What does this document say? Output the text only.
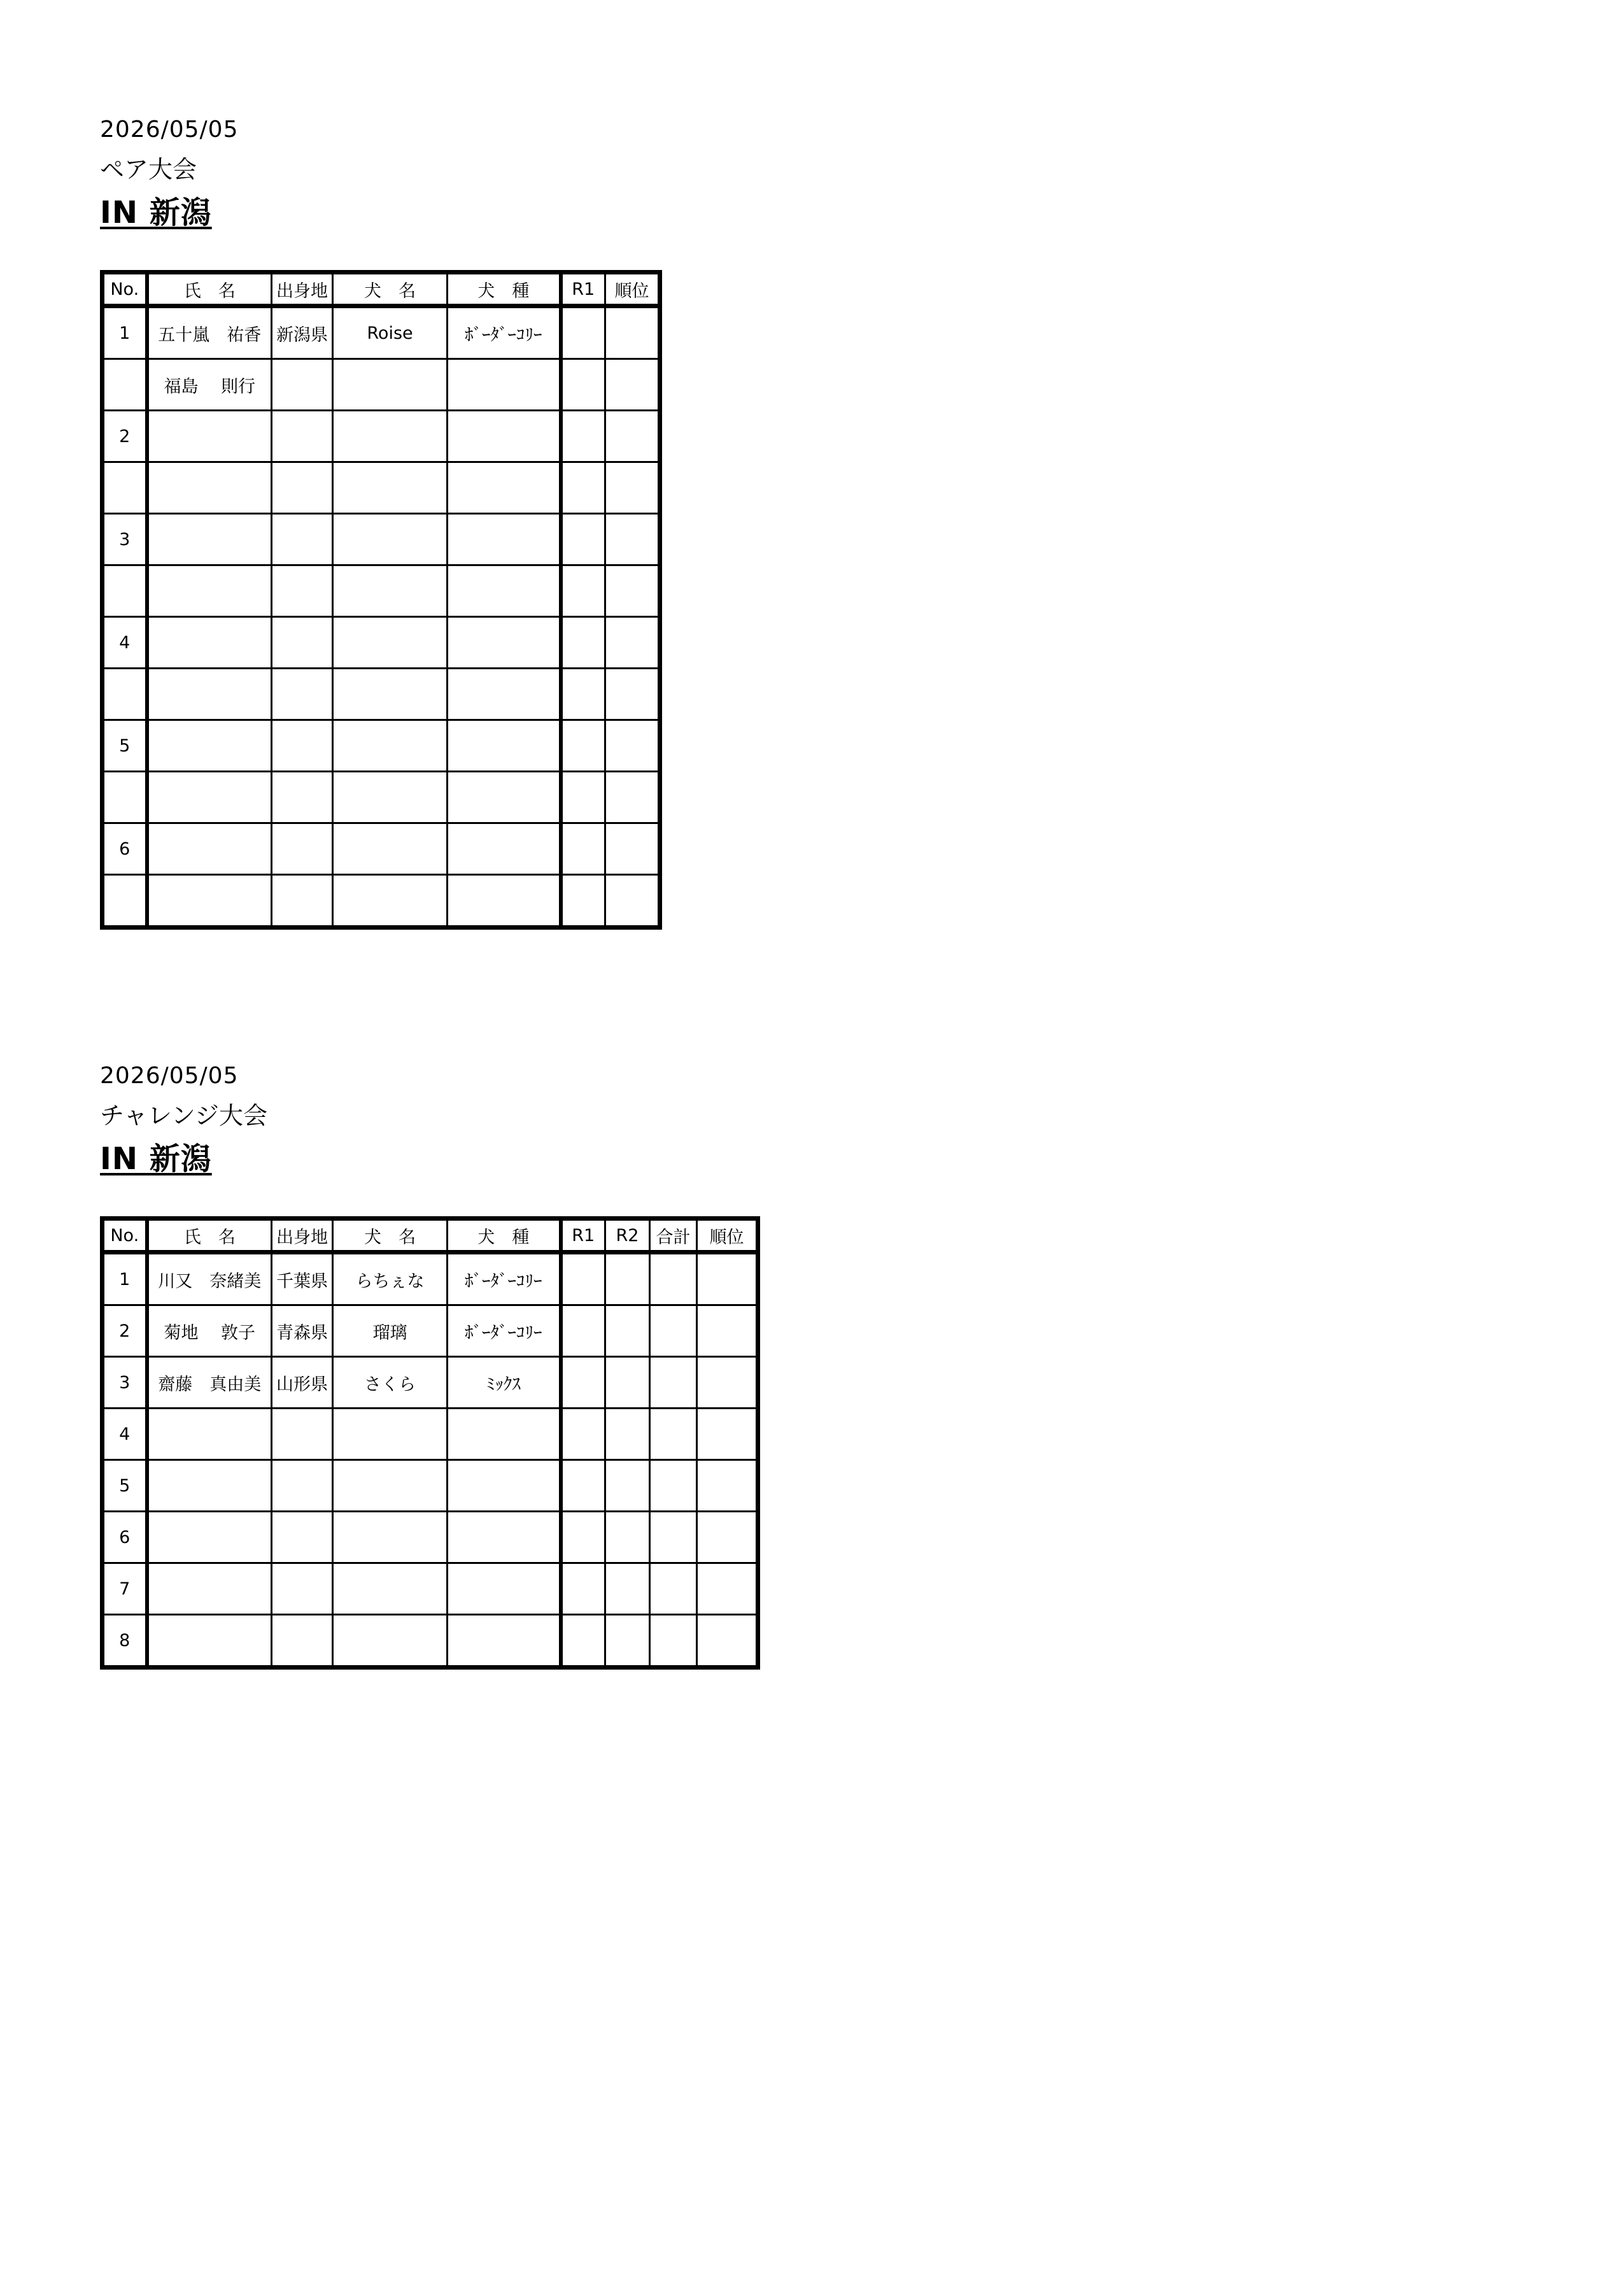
2026/05/05
ペア大会
IN 新潟
No.	氏　名	出身地	犬　名	犬　種	R1	順位
1	五十嵐　祐香	新潟県	Roise	ﾎﾞｰﾀﾞｰｺﾘｰ		
	福島　 則行					
2						

3						

4						

5						

6						

2026/05/05
チャレンジ大会
IN 新潟
No.	氏　名	出身地	犬　名	犬　種	R1	R2	合計	順位
1	川又　奈緒美	千葉県	らちぇな	ﾎﾞｰﾀﾞｰｺﾘｰ				
2	菊地　 敦子	青森県	瑠璃	ﾎﾞｰﾀﾞｰｺﾘｰ				
3	齋藤　真由美	山形県	さくら	ﾐｯｸｽ				
4								
5								
6								
7								
8								
